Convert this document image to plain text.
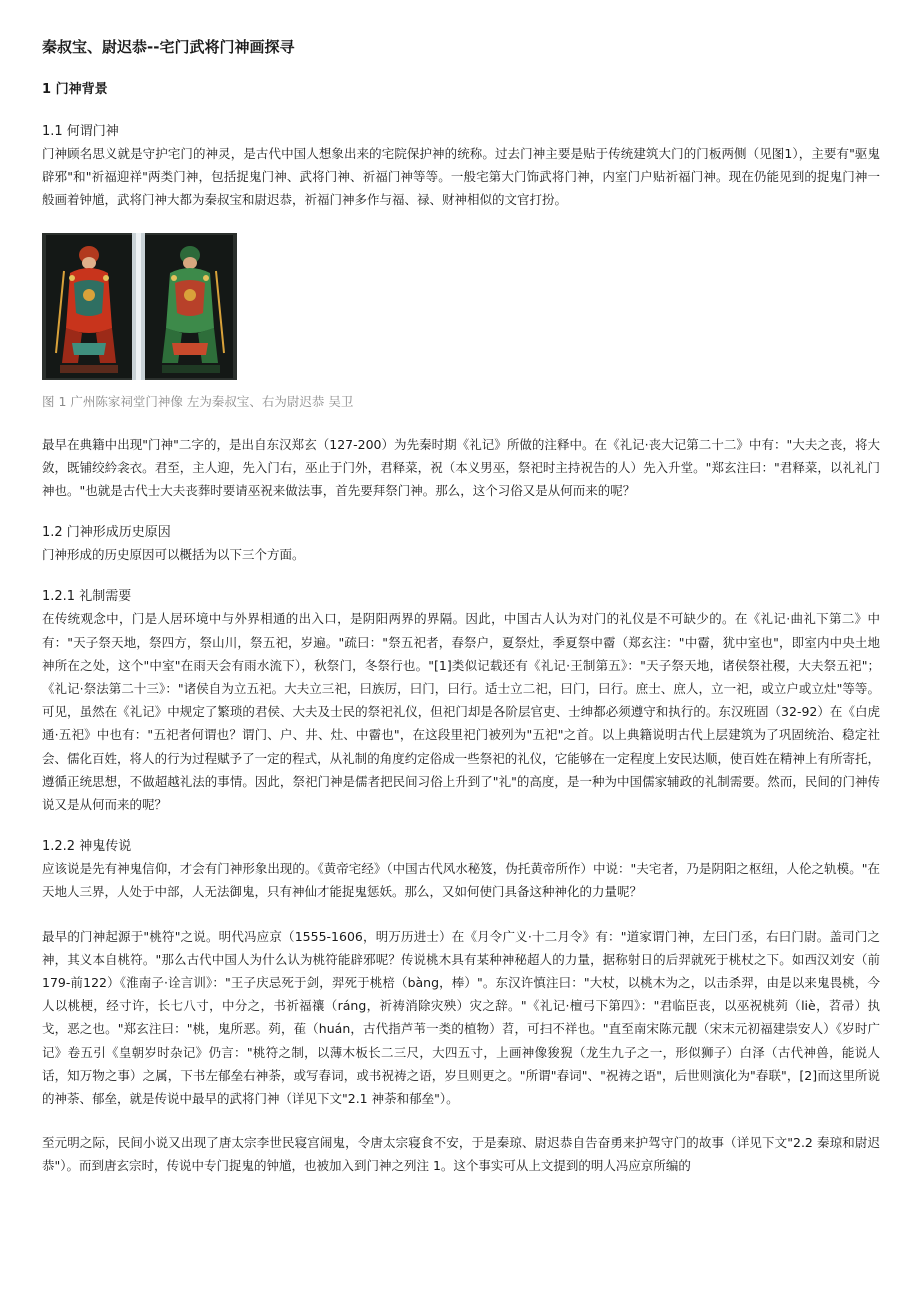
秦叔宝、尉迟恭--宅门武将门神画探寻
1 门神背景
1.1 何谓门神
门神顾名思义就是守护宅门的神灵，是古代中国人想象出来的宅院保护神的统称。过去门神主要是贴于传统建筑大门的门板两侧（见图1），主要有"驱鬼辟邪"和"祈福迎祥"两类门神，包括捉鬼门神、武将门神、祈福门神等等。一般宅第大门饰武将门神，内室门户贴祈福门神。现在仍能见到的捉鬼门神一般画着钟馗，武将门神大都为秦叔宝和尉迟恭，祈福门神多作与福、禄、财神相似的文官打扮。
图 1 广州陈家祠堂门神像 左为秦叔宝、右为尉迟恭 吴卫
最早在典籍中出现"门神"二字的，是出自东汉郑玄（127-200）为先秦时期《礼记》所做的注释中。在《礼记·丧大记第二十二》中有："大夫之丧，将大敛，既铺绞紟衾衣。君至，主人迎，先入门右，巫止于门外，君释菜，祝（本义男巫，祭祀时主持祝告的人）先入升堂。"郑玄注曰："君释菜，以礼礼门神也。"也就是古代士大夫丧葬时要请巫祝来做法事，首先要拜祭门神。那么，这个习俗又是从何而来的呢？
1.2 门神形成历史原因
门神形成的历史原因可以概括为以下三个方面。
1.2.1 礼制需要
在传统观念中，门是人居环境中与外界相通的出入口，是阴阳两界的界隔。因此，中国古人认为对门的礼仪是不可缺少的。在《礼记·曲礼下第二》中有："天子祭天地，祭四方，祭山川，祭五祀，岁遍。"疏曰："祭五祀者，春祭户，夏祭灶，季夏祭中霤（郑玄注："中霤，犹中室也"，即室内中央土地神所在之处，这个"中室"在雨天会有雨水流下），秋祭门，冬祭行也。"[1]类似记载还有《礼记·王制第五》："天子祭天地，诸侯祭社稷，大夫祭五祀"；《礼记·祭法第二十三》："诸侯自为立五祀。大夫立三祀，曰族厉，曰门，曰行。适士立二祀，曰门，曰行。庶士、庶人，立一祀，或立户或立灶"等等。可见，虽然在《礼记》中规定了繁琐的君侯、大夫及士民的祭祀礼仪，但祀门却是各阶层官吏、士绅都必须遵守和执行的。东汉班固（32-92）在《白虎通·五祀》中也有："五祀者何谓也？谓门、户、井、灶、中霤也"，在这段里祀门被列为"五祀"之首。以上典籍说明古代上层建筑为了巩固统治、稳定社会、儒化百姓，将人的行为过程赋予了一定的程式，从礼制的角度约定俗成一些祭祀的礼仪，它能够在一定程度上安民达顺，使百姓在精神上有所寄托，遵循正统思想，不做超越礼法的事情。因此，祭祀门神是儒者把民间习俗上升到了"礼"的高度，是一种为中国儒家辅政的礼制需要。然而，民间的门神传说又是从何而来的呢？
1.2.2 神鬼传说
应该说是先有神鬼信仰，才会有门神形象出现的。《黄帝宅经》（中国古代风水秘笈，伪托黄帝所作）中说："夫宅者，乃是阴阳之枢纽，人伦之轨模。"在天地人三界，人处于中部，人无法御鬼，只有神仙才能捉鬼惩妖。那么，又如何使门具备这种神化的力量呢？
最早的门神起源于"桃符"之说。明代冯应京（1555-1606，明万历进士）在《月令广义·十二月令》有："道家谓门神，左曰门丞，右曰门尉。盖司门之神，其义本自桃符。"那么古代中国人为什么认为桃符能辟邪呢？传说桃木具有某种神秘超人的力量，据称射日的后羿就死于桃杖之下。如西汉刘安（前179-前122）《淮南子·诠言训》："王子庆忌死于剑，羿死于桃棓（bàng，棒）"。东汉许慎注曰："大杖，以桃木为之，以击杀羿，由是以来鬼畏桃，今人以桃梗，经寸许，长七八寸，中分之，书祈福禳（ráng，祈祷消除灾殃）灾之辞。"《礼记·檀弓下第四》："君临臣丧，以巫祝桃茢（liè，苕帚）执戈，恶之也。"郑玄注曰："桃，鬼所恶。茢，萑（huán，古代指芦苇一类的植物）苕，可扫不祥也。"直至南宋陈元靓（宋末元初福建崇安人）《岁时广记》卷五引《皇朝岁时杂记》仍言："桃符之制，以薄木板长二三尺，大四五寸，上画神像狻猊（龙生九子之一，形似狮子）白泽（古代神兽，能说人话，知万物之事）之属，下书左郁垒右神荼，或写春词，或书祝祷之语，岁旦则更之。"所谓"春词"、"祝祷之语"，后世则演化为"春联"，[2]而这里所说的神荼、郁垒，就是传说中最早的武将门神（详见下文"2.1 神荼和郁垒"）。
至元明之际，民间小说又出现了唐太宗李世民寝宫闹鬼，令唐太宗寝食不安，于是秦琼、尉迟恭自告奋勇来护驾守门的故事（详见下文"2.2 秦琼和尉迟恭"）。而到唐玄宗时，传说中专门捉鬼的钟馗，也被加入到门神之列注 1。这个事实可从上文提到的明人冯应京所编的
